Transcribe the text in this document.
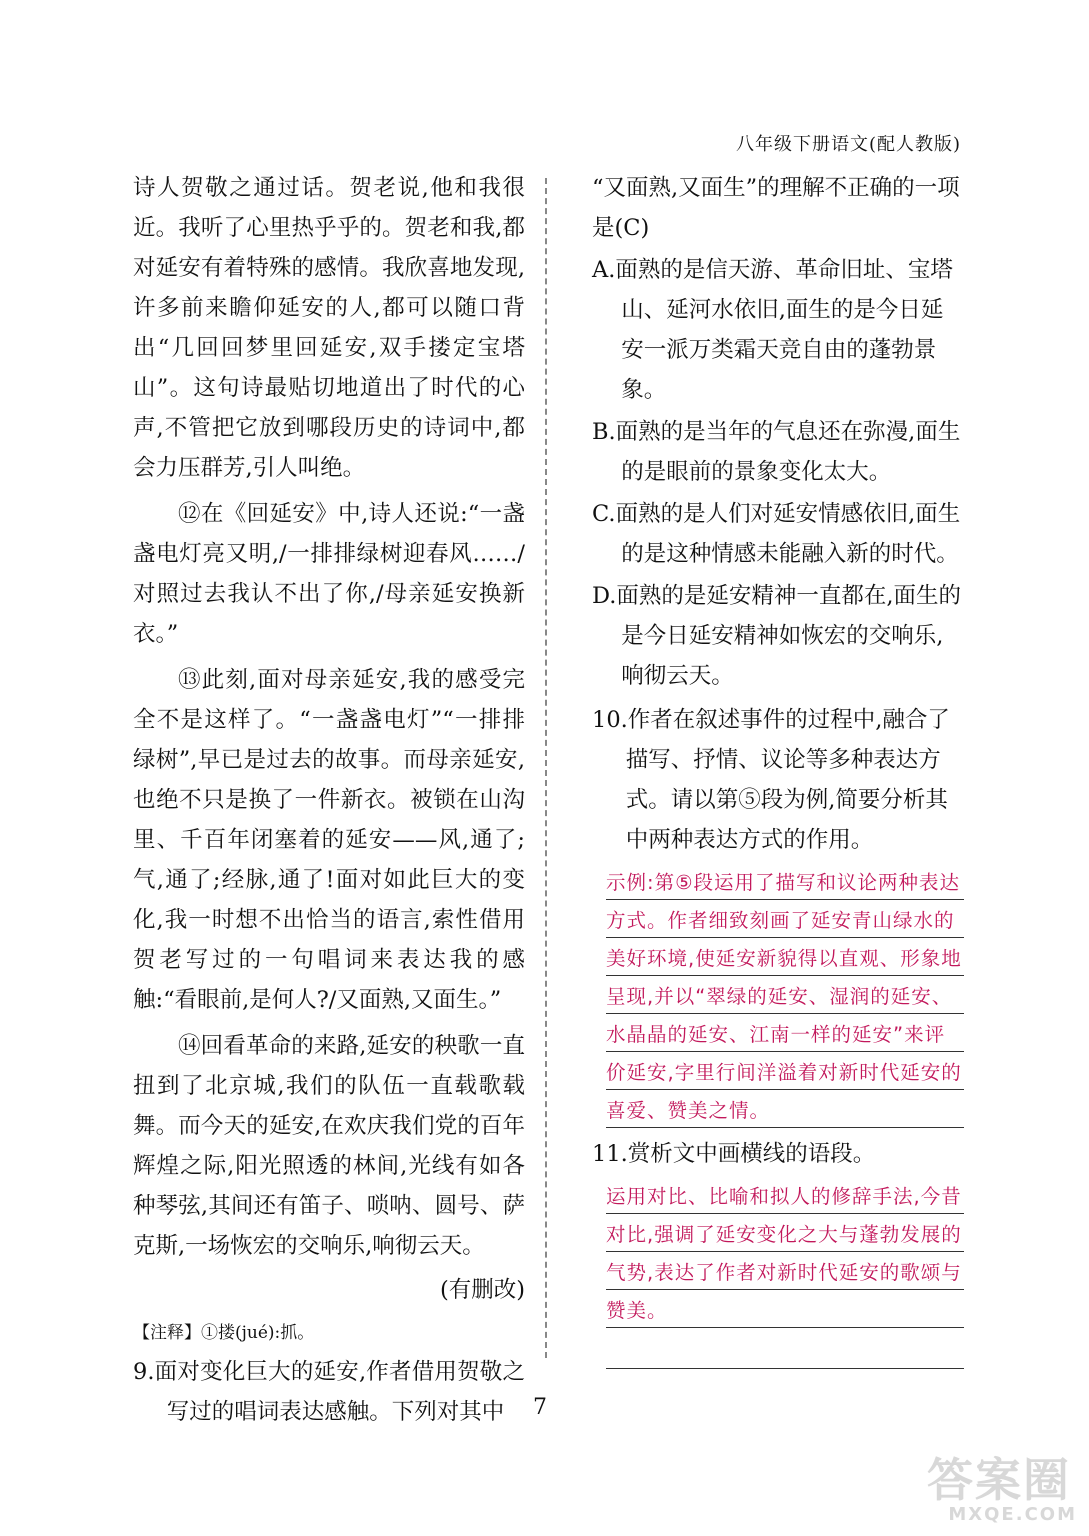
八年级下册语文(配人教版)

诗人贺敬之通过话。贺老说,他和我很近。我听了心里热乎乎的。贺老和我,都对延安有着特殊的感情。我欣喜地发现,许多前来瞻仰延安的人,都可以随口背出“几回回梦里回延安,双手搂定宝塔山”。这句诗最贴切地道出了时代的心声,不管把它放到哪段历史的诗词中,都会力压群芳,引人叫绝。

⑫在《回延安》中,诗人还说:“一盏盏电灯亮又明,/一排排绿树迎春风……/对照过去我认不出了你,/母亲延安换新衣。”

⑬此刻,面对母亲延安,我的感受完全不是这样了。“一盏盏电灯”“一排排绿树”,早已是过去的故事。而母亲延安,也绝不只是换了一件新衣。被锁在山沟里、千百年闭塞着的延安——风,通了;气,通了;经脉,通了!面对如此巨大的变化,我一时想不出恰当的语言,索性借用贺老写过的一句唱词来表达我的感触:“看眼前,是何人?/又面熟,又面生。”

⑭回看革命的来路,延安的秧歌一直扭到了北京城,我们的队伍一直载歌载舞。而今天的延安,在欢庆我们党的百年辉煌之际,阳光照透的林间,光线有如各种琴弦,其间还有笛子、唢呐、圆号、萨克斯,一场恢宏的交响乐,响彻云天。

(有删改)

【注释】①搂(jué):抓。

9.面对变化巨大的延安,作者借用贺敬之写过的唱词表达感触。下列对其中

“又面熟,又面生”的理解不正确的一项是(C)

A.面熟的是信天游、革命旧址、宝塔山、延河水依旧,面生的是今日延安一派万类霜天竞自由的蓬勃景象。

B.面熟的是当年的气息还在弥漫,面生的是眼前的景象变化太大。

C.面熟的是人们对延安情感依旧,面生的是这种情感未能融入新的时代。

D.面熟的是延安精神一直都在,面生的是今日延安精神如恢宏的交响乐,响彻云天。

10.作者在叙述事件的过程中,融合了描写、抒情、议论等多种表达方式。请以第⑤段为例,简要分析其中两种表达方式的作用。

示例:第⑤段运用了描写和议论两种表达方式。作者细致刻画了延安青山绿水的美好环境,使延安新貌得以直观、形象地呈现,并以“翠绿的延安、湿润的延安、水晶晶的延安、江南一样的延安”来评价延安,字里行间洋溢着对新时代延安的喜爱、赞美之情。

11.赏析文中画横线的语段。

运用对比、比喻和拟人的修辞手法,今昔对比,强调了延安变化之大与蓬勃发展的气势,表达了作者对新时代延安的歌颂与赞美。

7
答案圈
MXQE.COM
